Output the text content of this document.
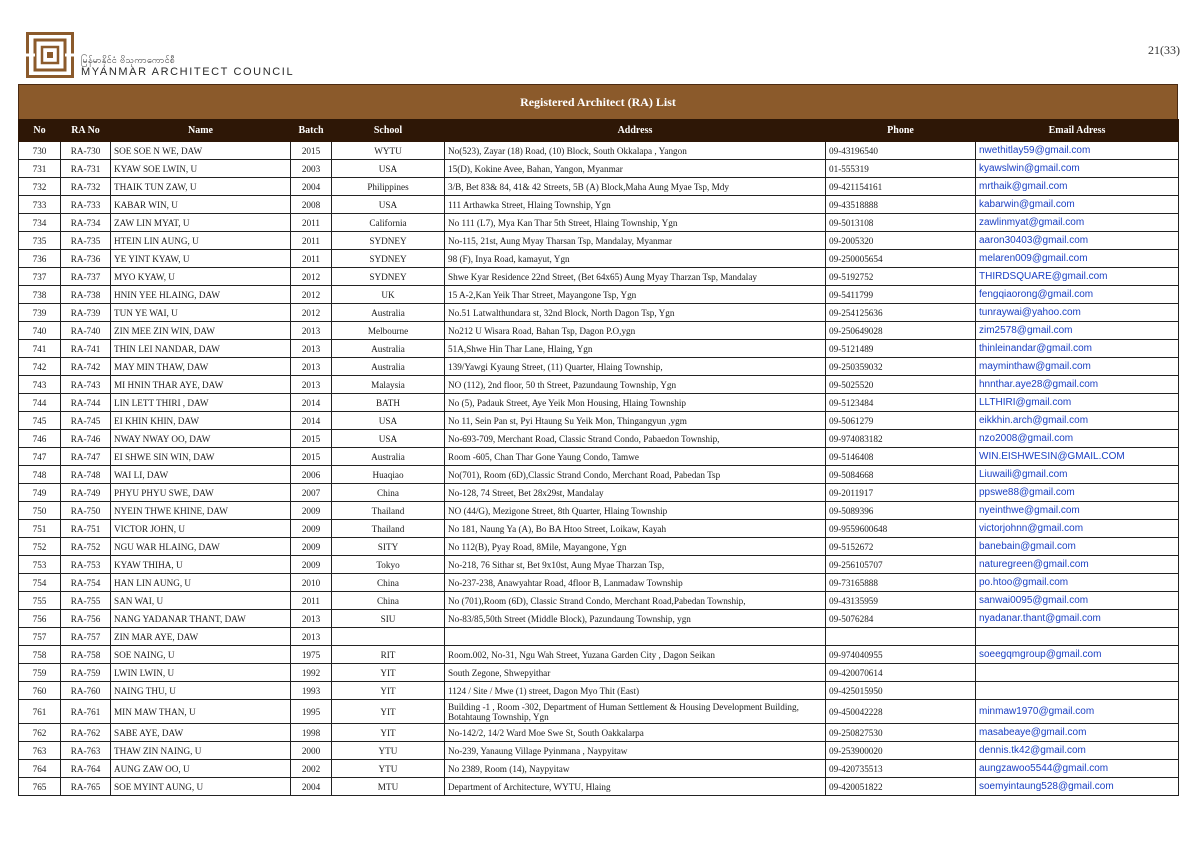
မြန်မာနိုင်ငံ ဗိသုကာကောင်စီ
MYANMAR ARCHITECT COUNCIL
21(33)
Registered Architect (RA) List
No	RA No	Name	Batch	School	Address	Phone	Email Adress
730	RA-730	SOE SOE N WE, DAW	2015	WYTU	No(523), Zayar (18) Road, (10) Block, South Okkalapa , Yangon	09-43196540	nwethitlay59@gmail.com
731	RA-731	KYAW SOE LWIN, U	2003	USA	15(D), Kokine Avee, Bahan, Yangon, Myanmar	01-555319	kyawslwin@gmail.com
732	RA-732	THAIK TUN ZAW, U	2004	Philippines	3/B, Bet 83& 84, 41& 42 Streets, 5B (A) Block,Maha Aung Myae Tsp, Mdy	09-421154161	mrthaik@gmail.com
733	RA-733	KABAR WIN, U	2008	USA	111 Arthawka Street, Hlaing Township, Ygn	09-43518888	kabarwin@gmail.com
734	RA-734	ZAW LIN MYAT, U	2011	California	No 111 (L7), Mya Kan Thar 5th Street, Hlaing Township, Ygn	09-5013108	zawlinmyat@gmail.com
735	RA-735	HTEIN LIN AUNG, U	2011	SYDNEY	No-115, 21st, Aung Myay Tharsan Tsp, Mandalay, Myanmar	09-2005320	aaron30403@gmail.com
736	RA-736	YE YINT KYAW, U	2011	SYDNEY	98 (F), Inya Road, kamayut, Ygn	09-250005654	melaren009@gmail.com
737	RA-737	MYO KYAW, U	2012	SYDNEY	Shwe Kyar Residence 22nd Street, (Bet 64x65) Aung Myay Tharzan Tsp, Mandalay	09-5192752	THIRDSQUARE@gmail.com
738	RA-738	HNIN YEE HLAING, DAW	2012	UK	15 A-2,Kan Yeik Thar Street, Mayangone Tsp, Ygn	09-5411799	fengqiaorong@gmail.com
739	RA-739	TUN YE WAI, U	2012	Australia	No.51 Latwalthundara st, 32nd Block, North Dagon Tsp, Ygn	09-254125636	tunraywai@yahoo.com
740	RA-740	ZIN MEE ZIN WIN, DAW	2013	Melbourne	No212 U Wisara Road, Bahan Tsp, Dagon P.O,ygn	09-250649028	zim2578@gmail.com
741	RA-741	THIN LEI NANDAR, DAW	2013	Australia	51A,Shwe Hin Thar Lane, Hlaing, Ygn	09-5121489	thinleinandar@gmail.com
742	RA-742	MAY MIN THAW, DAW	2013	Australia	139/Yawgi Kyaung Street, (11) Quarter, Hlaing Township,	09-250359032	mayminthaw@gmail.com
743	RA-743	MI HNIN THAR AYE, DAW	2013	Malaysia	NO (112), 2nd floor, 50 th Street, Pazundaung Township, Ygn	09-5025520	hnnthar.aye28@gmail.com
744	RA-744	LIN LETT THIRI , DAW	2014	BATH	No (5), Padauk Street, Aye Yeik Mon Housing, Hlaing Township	09-5123484	LLTHIRI@gmail.com
745	RA-745	EI KHIN KHIN, DAW	2014	USA	No 11, Sein Pan st, Pyi Htaung Su Yeik Mon, Thingangyun ,ygm	09-5061279	eikkhin.arch@gmail.com
746	RA-746	NWAY NWAY OO, DAW	2015	USA	No-693-709, Merchant Road, Classic Strand Condo, Pabaedon Township,	09-974083182	nzo2008@gmail.com
747	RA-747	EI SHWE SIN WIN, DAW	2015	Australia	Room -605, Chan Thar Gone Yaung Condo, Tamwe	09-5146408	WIN.EISHWESIN@GMAIL.COM
748	RA-748	WAI LI, DAW	2006	Huaqiao	No(701), Room (6D),Classic Strand Condo, Merchant Road, Pabedan Tsp	09-5084668	Liuwaili@gmail.com
749	RA-749	PHYU PHYU SWE, DAW	2007	China	No-128, 74 Street, Bet 28x29st, Mandalay	09-2011917	ppswe88@gmail.com
750	RA-750	NYEIN THWE KHINE, DAW	2009	Thailand	NO (44/G), Mezigone Street, 8th Quarter, Hlaing Township	09-5089396	nyeinthwe@gmail.com
751	RA-751	VICTOR JOHN, U	2009	Thailand	No 181, Naung Ya (A), Bo BA Htoo Street, Loikaw, Kayah	09-9559600648	victorjohnn@gmail.com
752	RA-752	NGU WAR HLAING, DAW	2009	SITY	No 112(B), Pyay Road, 8Mile, Mayangone, Ygn	09-5152672	banebain@gmail.com
753	RA-753	KYAW THIHA, U	2009	Tokyo	No-218, 76 Sithar st, Bet 9x10st, Aung Myae Tharzan Tsp,	09-256105707	naturegreen@gmail.com
754	RA-754	HAN LIN AUNG, U	2010	China	No-237-238, Anawyahtar Road, 4floor B, Lanmadaw Township	09-73165888	po.htoo@gmail.com
755	RA-755	SAN WAI, U	2011	China	No (701),Room (6D), Classic Strand Condo, Merchant Road,Pabedan Township,	09-43135959	sanwai0095@gmail.com
756	RA-756	NANG YADANAR THANT, DAW	2013	SIU	No-83/85,50th Street (Middle Block), Pazundaung Township, ygn	09-5076284	nyadanar.thant@gmail.com
757	RA-757	ZIN MAR AYE, DAW	2013				
758	RA-758	SOE NAING, U	1975	RIT	Room.002, No-31, Ngu Wah Street, Yuzana Garden City , Dagon Seikan	09-974040955	soeegqmgroup@gmail.com
759	RA-759	LWIN LWIN, U	1992	YIT	South Zegone, Shwepyithar	09-420070614	
760	RA-760	NAING THU, U	1993	YIT	1124 / Site / Mwe (1) street, Dagon Myo Thit (East)	09-425015950	
761	RA-761	MIN MAW THAN, U	1995	YIT	Building -1 , Room -302, Department of Human Settlement & Housing Development Building, Botahtaung Township, Ygn	09-450042228	minmaw1970@gmail.com
762	RA-762	SABE AYE, DAW	1998	YIT	No-142/2, 14/2 Ward Moe Swe St, South Oakkalarpa	09-250827530	masabeaye@gmail.com
763	RA-763	THAW ZIN NAING, U	2000	YTU	No-239, Yanaung Village Pyinmana , Naypyitaw	09-253900020	dennis.tk42@gmail.com
764	RA-764	AUNG ZAW OO, U	2002	YTU	No 2389, Room (14), Naypyitaw	09-420735513	aungzawoo5544@gmail.com
765	RA-765	SOE MYINT AUNG, U	2004	MTU	Department of Architecture, WYTU, Hlaing	09-420051822	soemyintaung528@gmail.com
